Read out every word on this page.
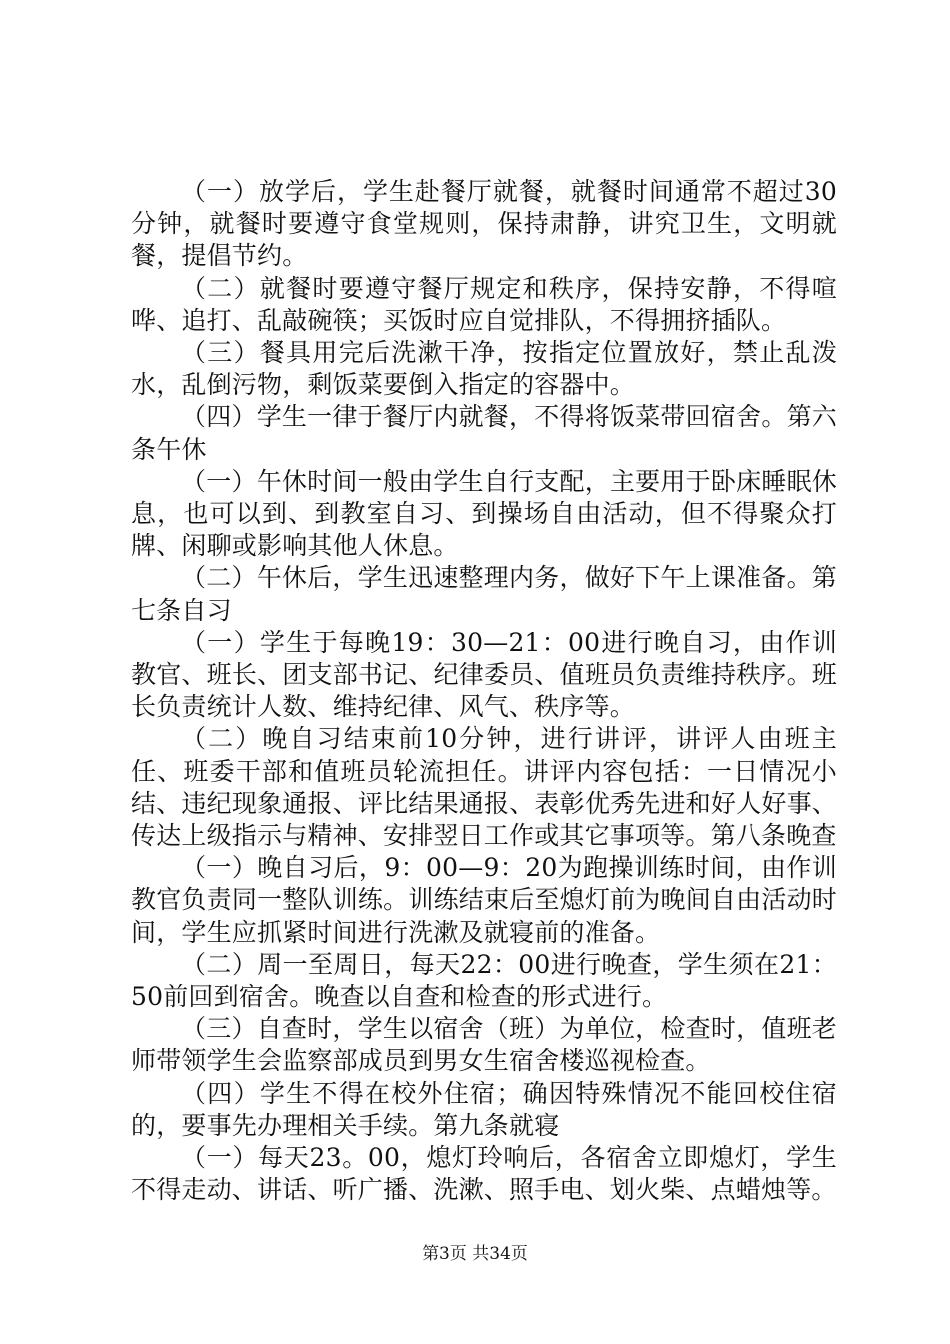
（一）放学后，学生赴餐厅就餐，就餐时间通常不超过30分钟，就餐时要遵守食堂规则，保持肃静，讲究卫生，文明就餐，提倡节约。

（二）就餐时要遵守餐厅规定和秩序，保持安静，不得喧哗、追打、乱敲碗筷；买饭时应自觉排队，不得拥挤插队。

（三）餐具用完后洗漱干净，按指定位置放好，禁止乱泼水，乱倒污物，剩饭菜要倒入指定的容器中。

（四）学生一律于餐厅内就餐，不得将饭菜带回宿舍。第六条午休

（一）午休时间一般由学生自行支配，主要用于卧床睡眠休息，也可以到、到教室自习、到操场自由活动，但不得聚众打牌、闲聊或影响其他人休息。

（二）午休后，学生迅速整理内务，做好下午上课准备。第七条自习

（一）学生于每晚19：30—21：00进行晚自习，由作训教官、班长、团支部书记、纪律委员、值班员负责维持秩序。班长负责统计人数、维持纪律、风气、秩序等。

（二）晚自习结束前10分钟，进行讲评，讲评人由班主任、班委干部和值班员轮流担任。讲评内容包括：一日情况小结、违纪现象通报、评比结果通报、表彰优秀先进和好人好事、传达上级指示与精神、安排翌日工作或其它事项等。第八条晚查

（一）晚自习后，9：00—9：20为跑操训练时间，由作训教官负责同一整队训练。训练结束后至熄灯前为晚间自由活动时间，学生应抓紧时间进行洗漱及就寝前的准备。

（二）周一至周日，每天22：00进行晚查，学生须在21：50前回到宿舍。晚查以自查和检查的形式进行。

（三）自查时，学生以宿舍（班）为单位，检查时，值班老师带领学生会监察部成员到男女生宿舍楼巡视检查。

（四）学生不得在校外住宿；确因特殊情况不能回校住宿的，要事先办理相关手续。第九条就寝

（一）每天23。00，熄灯玲响后，各宿舍立即熄灯，学生不得走动、讲话、听广播、洗漱、照手电、划火柴、点蜡烛等。

第3页 共34页
